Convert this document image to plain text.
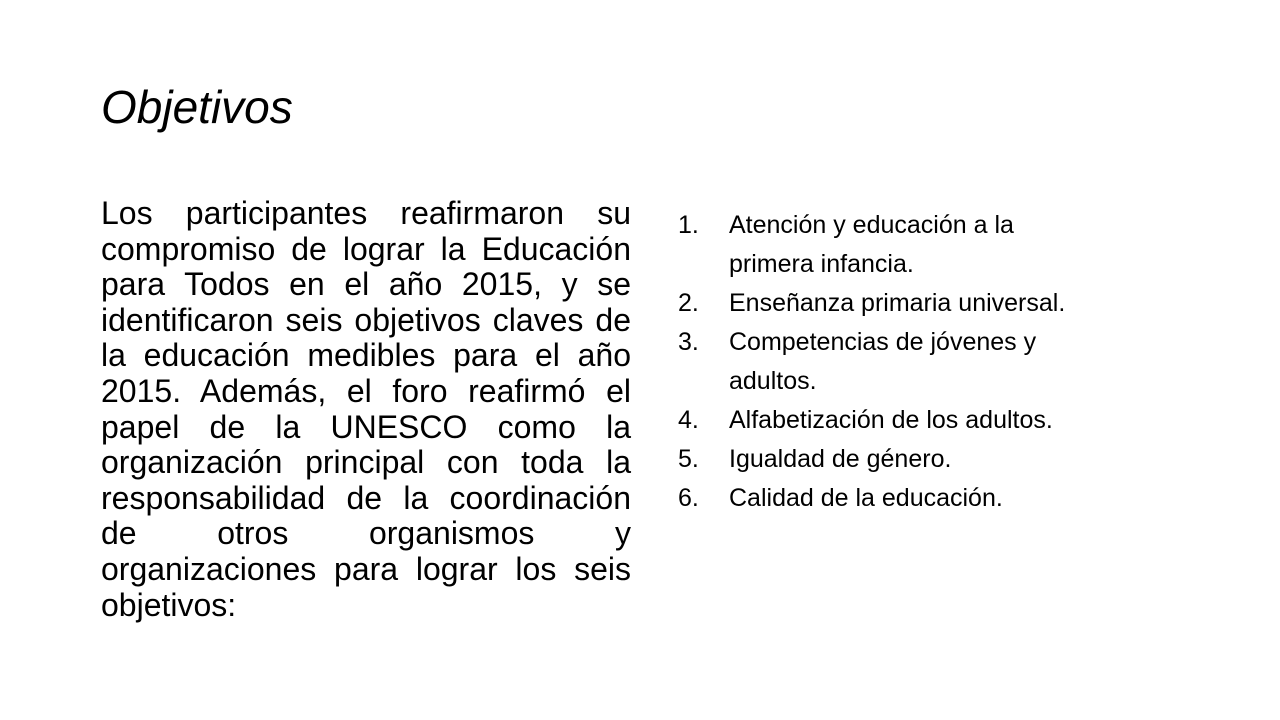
Objetivos

Los participantes reafirmaron su compromiso de lograr la Educación para Todos en el año 2015, y se identificaron seis objetivos claves de la educación medibles para el año 2015. Además, el foro reafirmó el papel de la UNESCO como la organización principal con toda la responsabilidad de la coordinación de otros organismos y organizaciones para lograr los seis objetivos:

1. Atención y educación a la primera infancia.
2. Enseñanza primaria universal.
3. Competencias de jóvenes y adultos.
4. Alfabetización de los adultos.
5. Igualdad de género.
6. Calidad de la educación.
